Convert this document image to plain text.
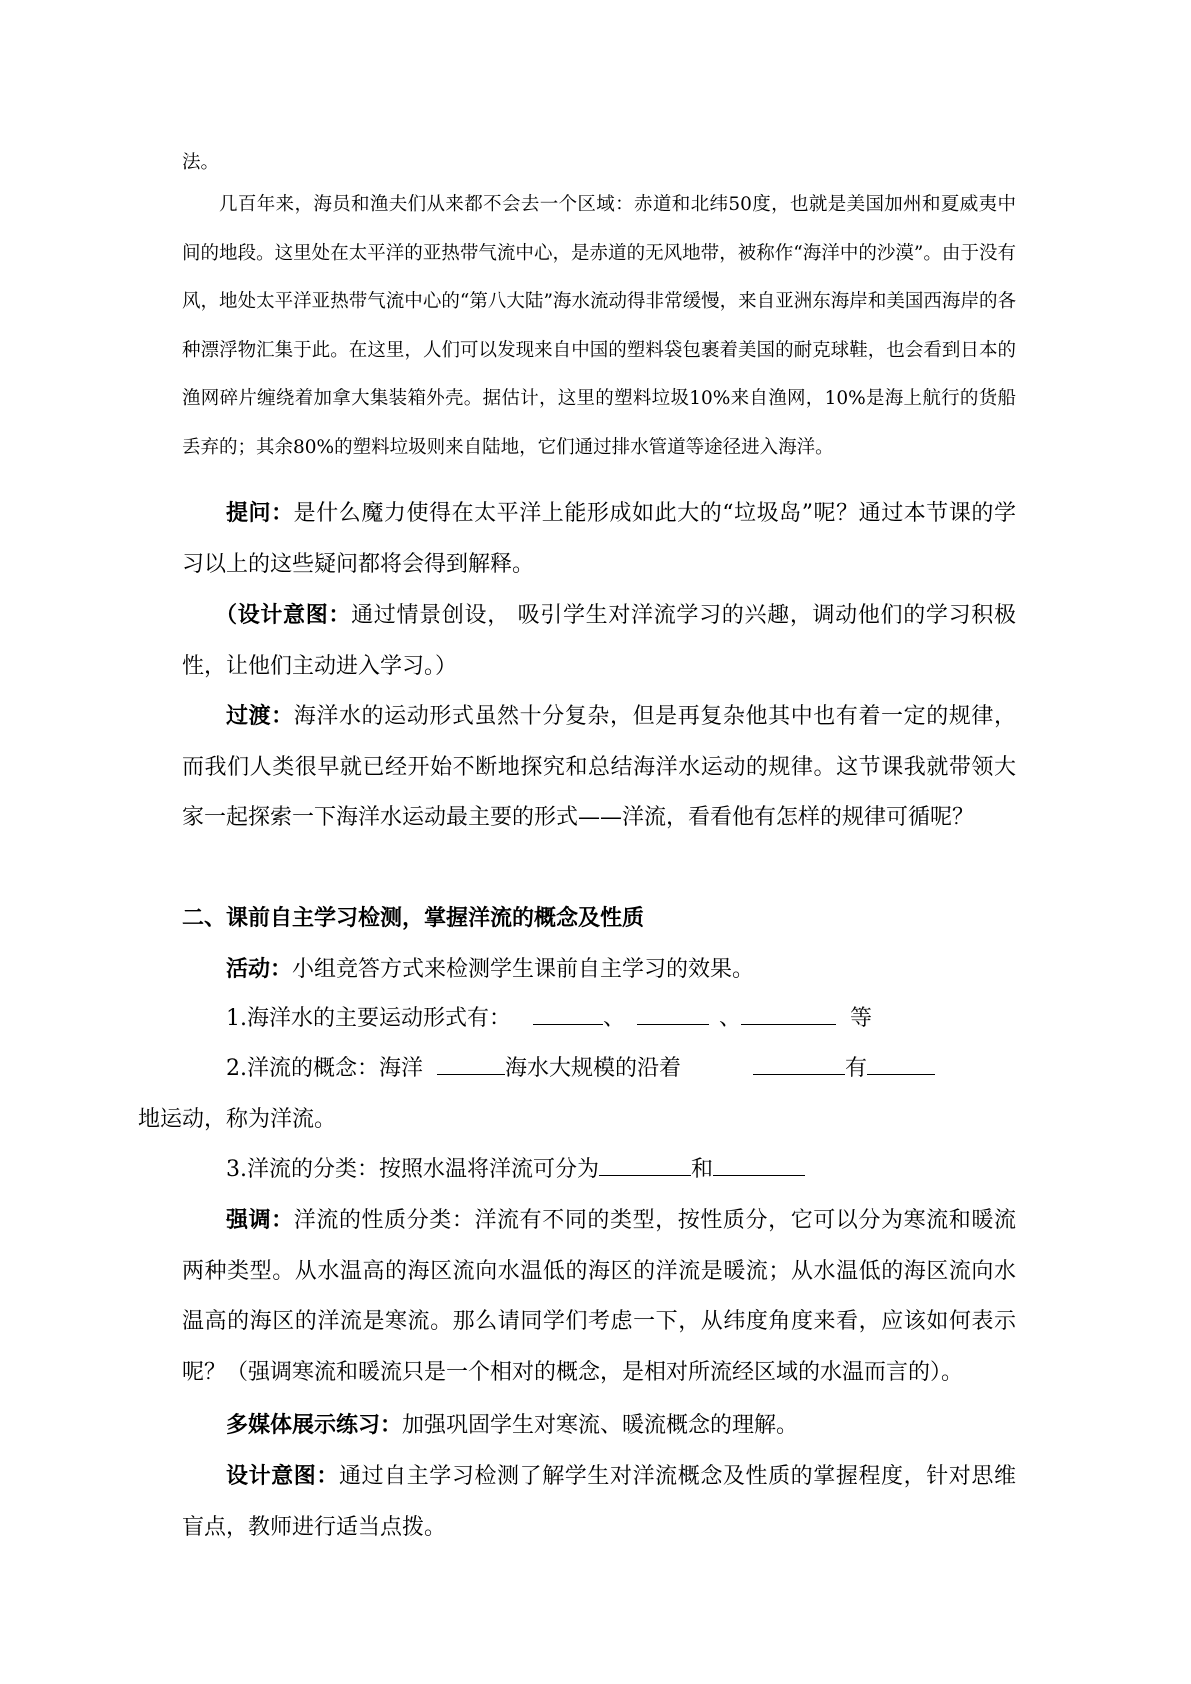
法。
几百年来，海员和渔夫们从来都不会去一个区域：赤道和北纬50度，也就是美国加州和夏威夷中间的地段。这里处在太平洋的亚热带气流中心，是赤道的无风地带，被称作“海洋中的沙漠”。由于没有风，地处太平洋亚热带气流中心的“第八大陆”海水流动得非常缓慢，来自亚洲东海岸和美国西海岸的各种漂浮物汇集于此。在这里，人们可以发现来自中国的塑料袋包裹着美国的耐克球鞋，也会看到日本的渔网碎片缠绕着加拿大集装箱外壳。据估计，这里的塑料垃圾10%来自渔网，10%是海上航行的货船丢弃的；其余80%的塑料垃圾则来自陆地，它们通过排水管道等途径进入海洋。
提问：是什么魔力使得在太平洋上能形成如此大的“垃圾岛”呢？通过本节课的学习以上的这些疑问都将会得到解释。
（设计意图：通过情景创设， 吸引学生对洋流学习的兴趣，调动他们的学习积极性，让他们主动进入学习。）
过渡：海洋水的运动形式虽然十分复杂，但是再复杂他其中也有着一定的规律，而我们人类很早就已经开始不断地探究和总结海洋水运动的规律。这节课我就带领大家一起探索一下海洋水运动最主要的形式——洋流，看看他有怎样的规律可循呢？
二、课前自主学习检测，掌握洋流的概念及性质
活动：小组竞答方式来检测学生课前自主学习的效果。
1.海洋水的主要运动形式有：	、	、	等
2.洋流的概念：海洋	海水大规模的沿着	有
地运动，称为洋流。
3.洋流的分类：按照水温将洋流可分为	和
强调：洋流的性质分类：洋流有不同的类型，按性质分，它可以分为寒流和暖流两种类型。从水温高的海区流向水温低的海区的洋流是暖流；从水温低的海区流向水温高的海区的洋流是寒流。那么请同学们考虑一下，从纬度角度来看，应该如何表示呢？（强调寒流和暖流只是一个相对的概念，是相对所流经区域的水温而言的）。
多媒体展示练习：加强巩固学生对寒流、暖流概念的理解。
设计意图：通过自主学习检测了解学生对洋流概念及性质的掌握程度，针对思维盲点，教师进行适当点拨。
